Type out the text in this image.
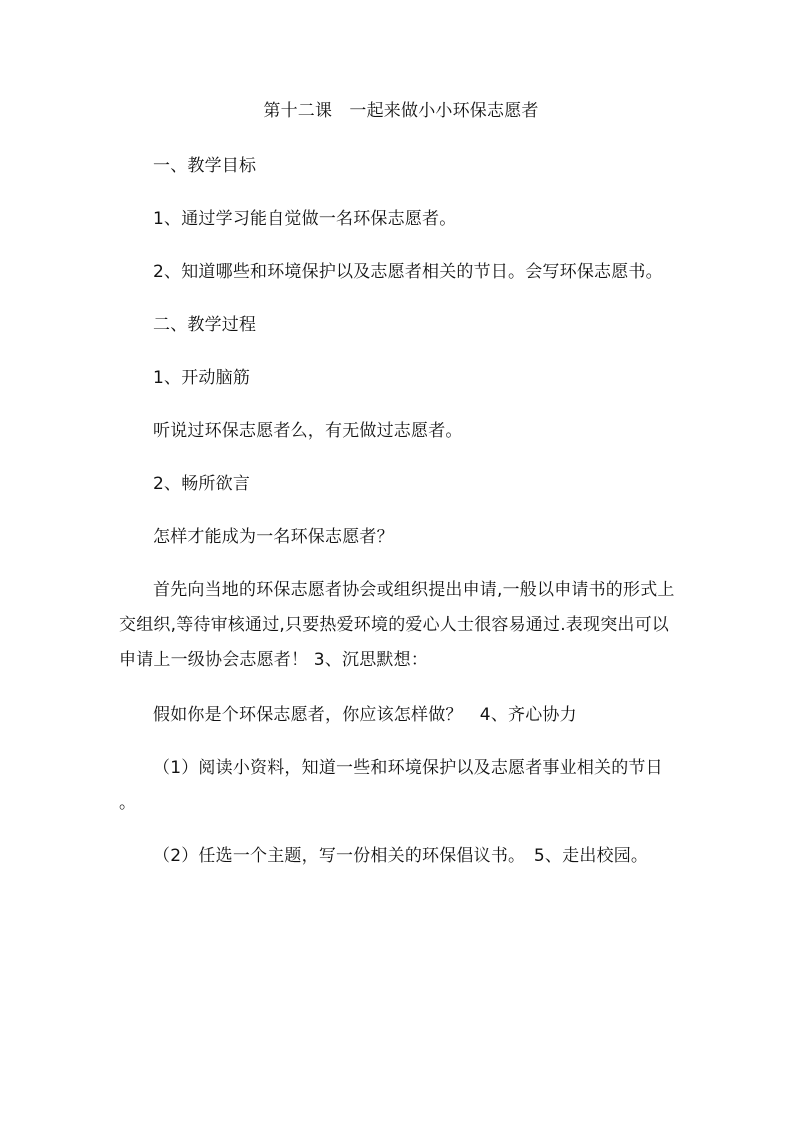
第十二课　一起来做小小环保志愿者
一、教学目标
1、通过学习能自觉做一名环保志愿者。
2、知道哪些和环境保护以及志愿者相关的节日。会写环保志愿书。
二、教学过程
1、开动脑筋
听说过环保志愿者么，有无做过志愿者。
2、畅所欲言
怎样才能成为一名环保志愿者？
首先向当地的环保志愿者协会或组织提出申请,一般以申请书的形式上交组织,等待审核通过,只要热爱环境的爱心人士很容易通过.表现突出可以申请上一级协会志愿者！ 3、沉思默想：
假如你是个环保志愿者，你应该怎样做？　4、齐心协力
（1）阅读小资料，知道一些和环境保护以及志愿者事业相关的节日。
（2）任选一个主题，写一份相关的环保倡议书。　5、走出校园。
